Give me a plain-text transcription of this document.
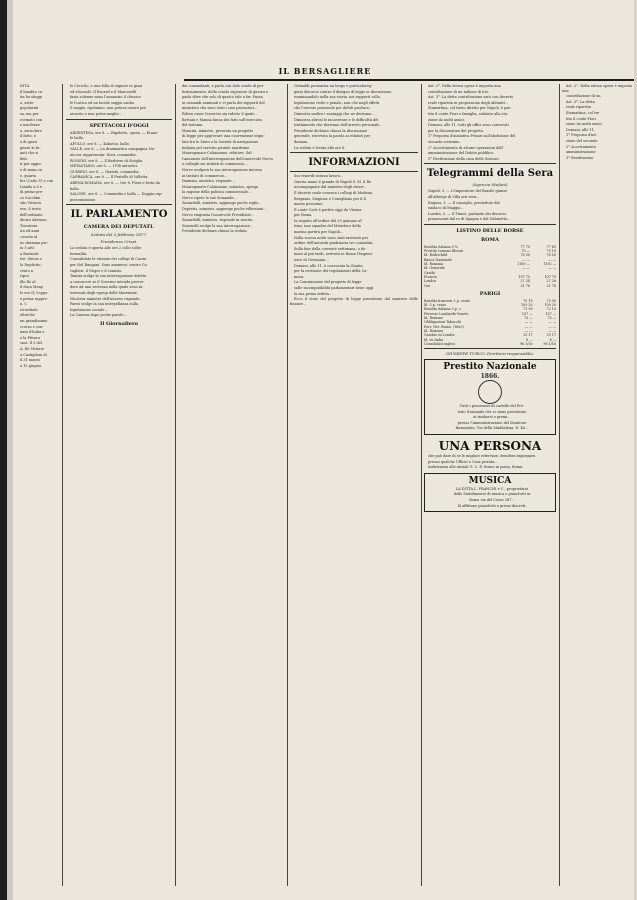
IL BERSAGLIERE

INTA

il bandito ca-

ita ba sfuggi

o, sotto-

popolarità

sa, ma per

rovinato con

e insolenze

o, arricchire

il fatto, e

e di quasi

gnare la fu-

anti che si

fido.

it per aggiu-

e di mano in

e, quarta

lici (Carlo V) e con

Limido a 8 e

di prime pre-

co Sacchini

sito Vittorio.

eva. il sesto

dell'ordinato

dicato Abruzzo,

Trovatore.

ira ed anni

cosorio al

no dramma pie-

in 5 atti.

a Ravinale

tre: Stenio o

lo Duplicito.

vento a

ripro.

illo Ile al

il duca Meny.

le ore II; l'oppo-

e prima rappre-

n. t.

ricordarlo

oltrechè

un grandissimo

ccorso e con-

nani d'Italia e

e la Pittura

suoi. Il 3 del

A. Re Vittorio

a Castiglioni di

il 31 marzo

a 15 giugno.

le Ceciclio, e una folla di signore in gran

ed elioosole. Il Racziel e il Mancinelli

fasin solenne anno l'annunzio il classico

le l'ostico ed un lucido saggio anche.

Il saggio, ripetiamo, non poteva essere più

iavorito e non potea meglio...

SPETTACOLI D'OGGI

ARGENTINA, ore 8. — Rigoletto, opera. — Erano-

le ballo.

APOLLO, ore 8. — Kokotou, ballo.

VALLE, ore 8. — La drammatica compagnia Nu-

nicova rappresenta: Dora, commedia.

ROSSINI, ore 8. — Il Barbiere di Siviglia.

METASTASIO, ore 8. — I Fili antartici.

QUIRINO, ore 8. — Ilarietà, commedia.

CAPRANICA, ore 8. — Il Fratello di Valletta.

ARENA ROMANA, ore 8. — Ore 8. Fiera e festa da

ballo.

SALONE, ore 8. — Commedia e ballo — Doppia rap-

presentazione.

IL PARLAMENTO
CAMERA DEI DEPUTATI.
Seduta del 3 febbraio 1877.
Presidenza Crispi.

La seduta è aperta alle ore 2 colle solite

formalità.

Convalidate le elezioni dei collegi di Carini

per Nel Rangani. Sono ammessi: contro Ca-

vaglieri, il Negro e il comizio.

Tamini svolge la sua interrogazione diretta

a conoscere se il Governo intenda provve-

dere ad una vertenza nella quale sono in-

teressati degli egregi delle Maremme.

Nicotera ministro dell'interno risponde.

Parisi svolge la sua interpellanza sulla

legislazione sociale...

La Camera dopo poche parole...

Il Giornaliero

dei comandanti, e parla con dolo scudo di per-

fezionamento, della scuola superiore di guerra e

parla oltre che solo di quasto tale a far. Passa

ai comandi nominati e vi parla dei rapporti del

ministero che sono stati i suoi promotori...

Rileva come l'esercito sia ridotto il quale...

Bertani e Manna fanno dei fatti sull'esercizio

del sistema.

Mancini, ministro, presenta un progetto

di legge per approvare una convenzione stipu-

lata fra lo Stato e la Società di navigazione

italiana pel servizio postale marittimo.

Maurogonato-Colaiuanne, relatore. Sul-

l'annunzio dell'interrogazione dell'onorevole Nervo

e colleghi sui trattati di commercio...

Nervo svolgerà la sua interrogazione intorno

ai trattati di commercio...

Damiani, ministro, risponde...

Maurogonato-Colaiuanne, ministro, spiega

la ragione della politica commerciale...

Nervo ripete le sue domande...

Zanardelli, ministro, aggiunge poche righe...

Depretis, ministro, aggiunge poche riflessioni...

Nervo ringrazia l'onorevole Presidente...

Zanardelli, ministro, risponde in merito...

Simonelli svolge la sua interrogazione...

Presidente dichiara chiusa la seduta.

Grimaldi pronunzia un lungo e particolareg-

giato discorso contro il disegno di legge in discussione,

esaminandolo nella sua storia, nei rapporti colla

legislazione civile e penale, non che negli effetti

che l'arresto personale per debiti produce...

Dimostra inoltre i vantaggi che ne derivano...

Dimostra altresì le incoerenze e le difficoltà del

trattamento che derivano dall'arresto personale...

Presidente dichiara chiusa la discussione

generale, riservata la parola ai relatori per

domani.

La seduta è levata alle ore 6.

INFORMAZIONI

Sui venerdì nessun lavoro...

Questa mane il grande di Napoli S. M. il Re

accompagnato dal ministro degli esteri...

Il decreto reale convoca i collegi di Modena,

Bergamo, Magione e Conegliano per il 4

marzo prossimo.

Il conte Corti è partito oggi da Vienna

per Roma.

In seguito all'ordine del 29 gennaio ul-

timo, una squadra del Ministero della

marina partirà per Napoli...

Nella scorsa notte sono stati arrestati per

ordine dell'autorità giudiziaria tre contadini...

Sulla fine della corrente settimana, o do-

mani al più tardi, arriverà in Roma l'Impera-

trice di Germania...

Domani, alle 11, è convocata la Giunta

per la revisione dei regolamenti della Ca-

mera.

La Commissione del progetto di legge

sulle incompatibilità parlamentari tiene oggi

la sua prima seduta...

Ecco il testo del progetto di legge presentato dal ministro delle finanze...

Art. 2°. Della stessa opera è imposta una

contribuzione di un milione di lire.

Art. 3°. La detta contribuzione sarà con decreto

reale ripartita in proporzione degli abitanti...

Stamattina, col treno diretto per Napoli, è par-

tito il conte Fiori e famiglia, salutato alla sta-

zione da molti amici.

Domani, alle 11, tutti gli uffici sono convocati

per la discussione del progetto.

1° Proposta d'iniziativa Frisari sull'abolizione del

secondo scrutinio.

2° Accertamento di alcune operazioni dell'

amministrazione del Debito pubblico.

3° Restituzione della casa delle Scienze.

Telegrammi della Sera
(Agenzia Stefani)

Napoli, 5. — L'Imperatore del Brasile giunse

all'albergo di Villa ieri sera...

Ragusa, 5. — Il consiglio, presieduto dal

sindaco di Maggia...

Londra, 5. — Il Times, parlando dei discorsi

pronunciati dal re di Spagna e dal Gabinetto...

LISTINO DELLE BORSE
ROMA
Rendita italiana 5 %	77 75	77 85
Prestito romano Blount	75 —	75 10
Id. Rothschild	76 50	76 50
Banca Nazionale	— —	— —
Id. Romana	1180 —	1192 —
Id. Generale	— —	— —
Cambi		
Francia	107 75	107 75
Londra	27 24	27 28
Oro	21 76	21 76
PARIGI
Rendita francese 3 p. cento	75 15	75 30
Id. 5 p. cento	109 25	109 20
Rendita italiana 5 p. c.	71 95	72 10
Ferrovie Lombardo-Venete	157 —	157 —
Id. Romane	73 —	73 —
Obbligazioni Tabacchi	— —	— —
Ferr. Vitt. Eman. (1863)	— —	— —
Id. Romane	— —	— —
Cambio su Londra	25 17	25 17
Id. su Italia	8 —	8 —
Consolidati inglesi	96 1/16	96 1/16
GIUSEPPE TURCO, Direttore-responsabile.
Prestito Nazionale
1866.

Tutti i possessori di cartelle del Pre-

stito Nazionale che si siano presentate

ai rimborsi e premi...

presso l'Amministrazione del Monitore

finanziario, Via della Maddalena, N. 46...

UNA PERSONA

che può dare di se le migliori referenze, desidera impiegarsi

presso qualche Ufficio o Casa privata...

Indirizzarsi alle iniziali G. C. E. fermo in posta, Roma.

MUSICA

LA DITTA L. FRANCHI e C., proprietaria

dello Stabilimento di musica e pianoforti in

Roma via del Corso 387...

Si affittano pianoforti a prezzi discreti.

Art. 2°. Della stessa opera è imposta una

contribuzione di un

Art. 3°. La detta

reale ripartita

Stamattina, col tre

tito il conte Fiori

zione da molti amici

Domani, alle 11,

1° Proposta d'ini-

zione del secondo

2° Accertamento

amministrazione

3° Restituzione.
